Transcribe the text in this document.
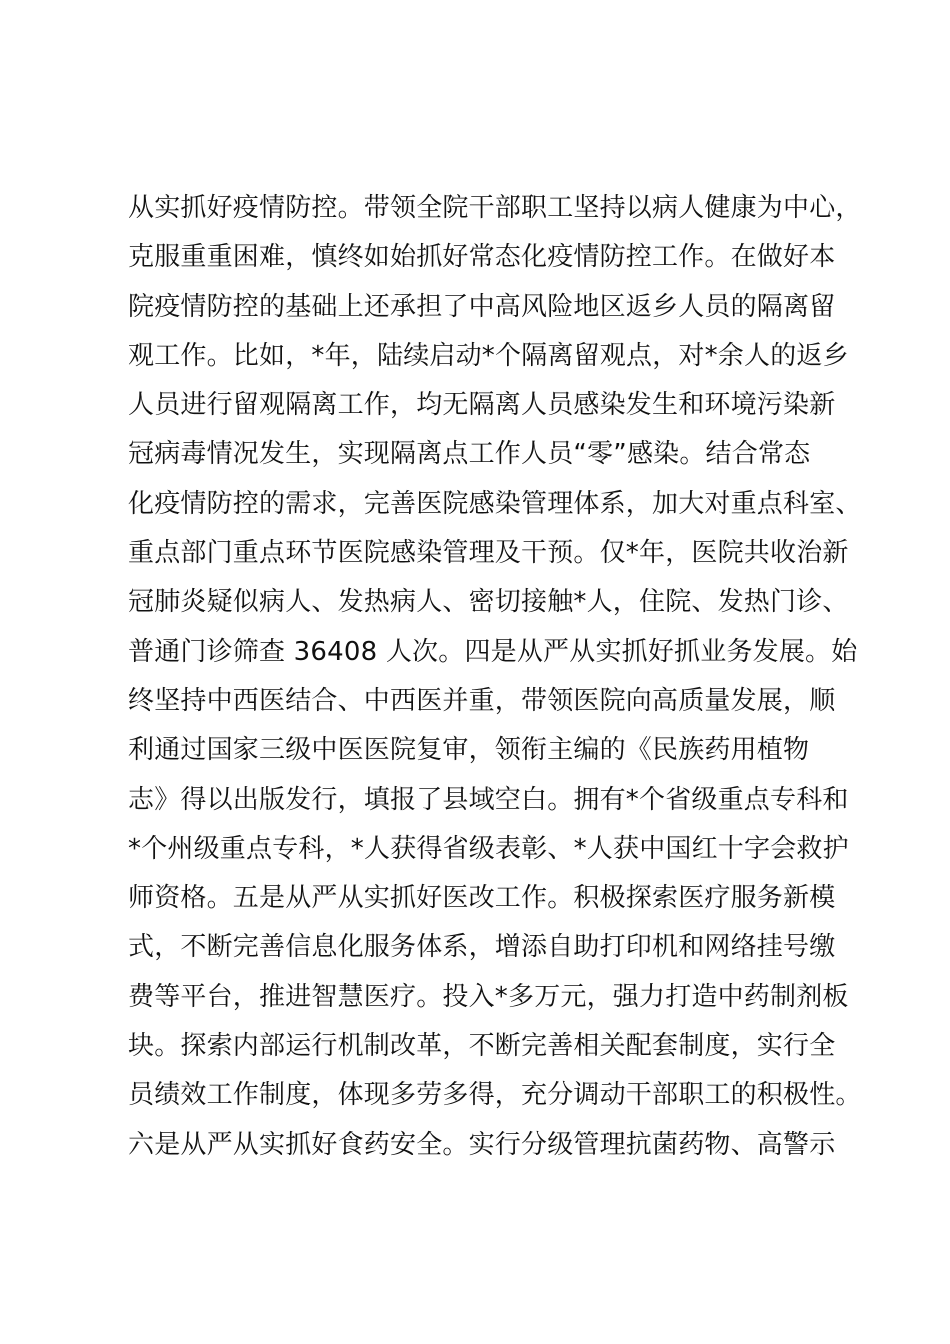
从实抓好疫情防控。带领全院干部职工坚持以病人健康为中心，
克服重重困难，慎终如始抓好常态化疫情防控工作。在做好本
院疫情防控的基础上还承担了中高风险地区返乡人员的隔离留
观工作。比如，*年，陆续启动*个隔离留观点，对*余人的返乡
人员进行留观隔离工作，均无隔离人员感染发生和环境污染新
冠病毒情况发生，实现隔离点工作人员“零”感染。结合常态
化疫情防控的需求，完善医院感染管理体系，加大对重点科室、
重点部门重点环节医院感染管理及干预。仅*年，医院共收治新
冠肺炎疑似病人、发热病人、密切接触*人，住院、发热门诊、
普通门诊筛查 36408 人次。四是从严从实抓好抓业务发展。始
终坚持中西医结合、中西医并重，带领医院向高质量发展，顺
利通过国家三级中医医院复审，领衔主编的《民族药用植物
志》得以出版发行，填报了县域空白。拥有*个省级重点专科和
*个州级重点专科，*人获得省级表彰、*人获中国红十字会救护
师资格。五是从严从实抓好医改工作。积极探索医疗服务新模
式，不断完善信息化服务体系，增添自助打印机和网络挂号缴
费等平台，推进智慧医疗。投入*多万元，强力打造中药制剂板
块。探索内部运行机制改革，不断完善相关配套制度，实行全
员绩效工作制度，体现多劳多得，充分调动干部职工的积极性。
六是从严从实抓好食药安全。实行分级管理抗菌药物、高警示
